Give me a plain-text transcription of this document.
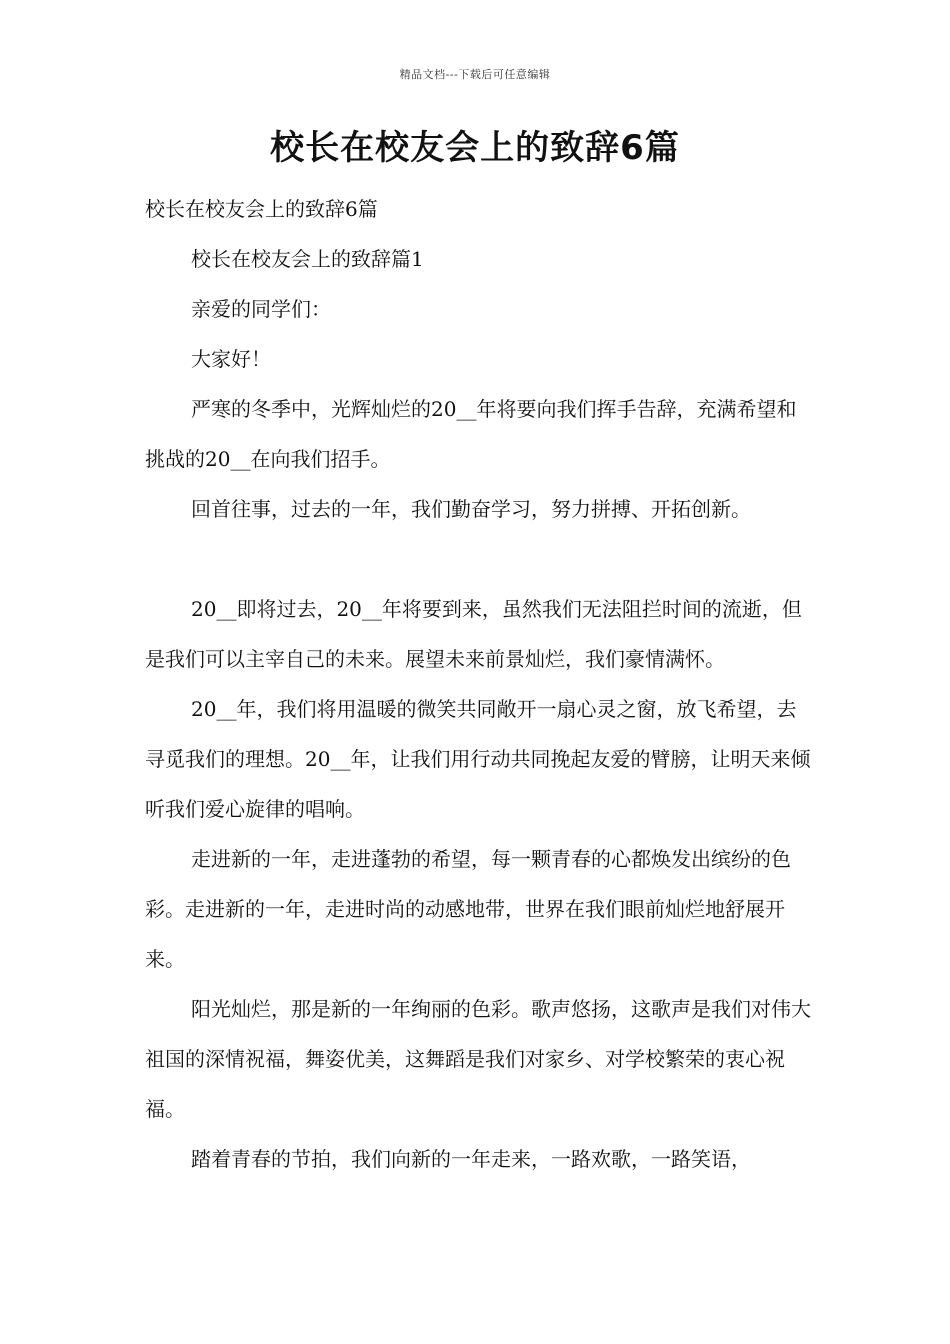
精品文档---下载后可任意编辑
校长在校友会上的致辞6篇

校长在校友会上的致辞6篇

校长在校友会上的致辞篇1

亲爱的同学们：

大家好！

严寒的冬季中，光辉灿烂的20__年将要向我们挥手告辞，充满希望和挑战的20__在向我们招手。

回首往事，过去的一年，我们勤奋学习，努力拼搏、开拓创新。

20__即将过去，20__年将要到来，虽然我们无法阻拦时间的流逝，但是我们可以主宰自己的未来。展望未来前景灿烂，我们豪情满怀。

20__年，我们将用温暖的微笑共同敞开一扇心灵之窗，放飞希望，去寻觅我们的理想。20__年，让我们用行动共同挽起友爱的臂膀，让明天来倾听我们爱心旋律的唱响。

走进新的一年，走进蓬勃的希望，每一颗青春的心都焕发出缤纷的色彩。走进新的一年，走进时尚的动感地带，世界在我们眼前灿烂地舒展开来。

阳光灿烂，那是新的一年绚丽的色彩。歌声悠扬，这歌声是我们对伟大祖国的深情祝福，舞姿优美，这舞蹈是我们对家乡、对学校繁荣的衷心祝福。

踏着青春的节拍，我们向新的一年走来，一路欢歌，一路笑语，
